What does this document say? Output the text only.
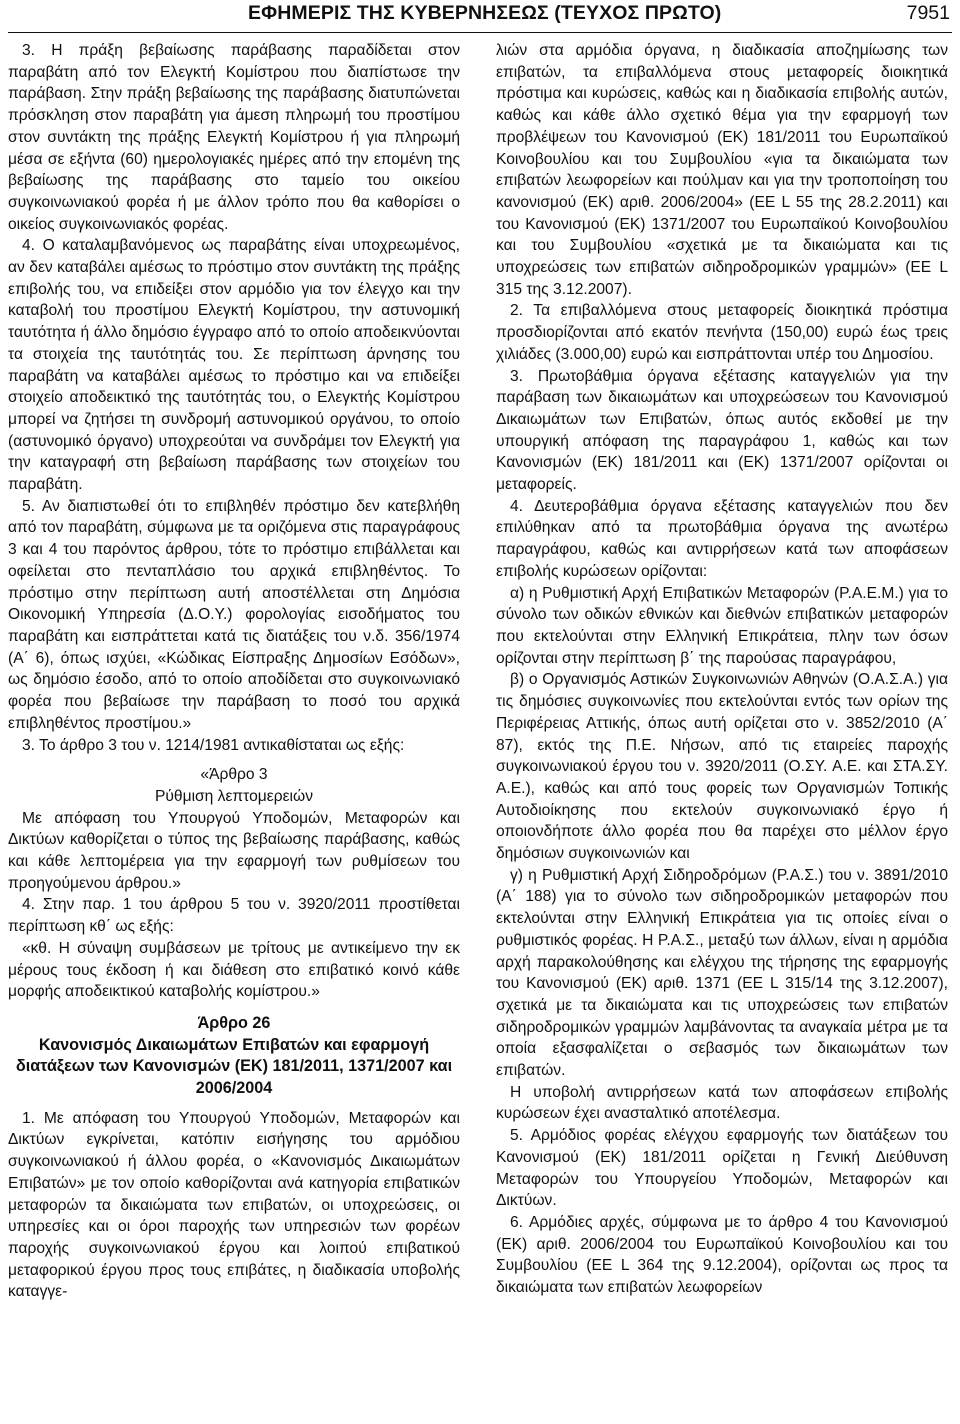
ΕΦΗΜΕΡΙΣ ΤΗΣ ΚΥΒΕΡΝΗΣΕΩΣ (ΤΕΥΧΟΣ ΠΡΩΤΟ)	7951

3. Η πράξη βεβαίωσης παράβασης παραδίδεται στον παραβάτη από τον Ελεγκτή Κομίστρου που διαπίστωσε την παράβαση. Στην πράξη βεβαίωσης της παράβασης διατυπώνεται πρόσκληση στον παραβάτη για άμεση πληρωμή του προστίμου στον συντάκτη της πράξης Ελεγκτή Κομίστρου ή για πληρωμή μέσα σε εξήντα (60) ημερολογιακές ημέρες από την επομένη της βεβαίωσης της παράβασης στο ταμείο του οικείου συγκοινωνιακού φορέα ή με άλλον τρόπο που θα καθορίσει ο οικείος συγκοινωνιακός φορέας.

4. Ο καταλαμβανόμενος ως παραβάτης είναι υποχρεωμένος, αν δεν καταβάλει αμέσως το πρόστιμο στον συντάκτη της πράξης επιβολής του, να επιδείξει στον αρμόδιο για τον έλεγχο και την καταβολή του προστίμου Ελεγκτή Κομίστρου, την αστυνομική ταυτότητα ή άλλο δημόσιο έγγραφο από το οποίο αποδεικνύονται τα στοιχεία της ταυτότητάς του. Σε περίπτωση άρνησης του παραβάτη να καταβάλει αμέσως το πρόστιμο και να επιδείξει στοιχείο αποδεικτικό της ταυτότητάς του, ο Ελεγκτής Κομίστρου μπορεί να ζητήσει τη συνδρομή αστυνομικού οργάνου, το οποίο (αστυνομικό όργανο) υποχρεούται να συνδράμει τον Ελεγκτή για την καταγραφή στη βεβαίωση παράβασης των στοιχείων του παραβάτη.

5. Αν διαπιστωθεί ότι το επιβληθέν πρόστιμο δεν κατεβλήθη από τον παραβάτη, σύμφωνα με τα οριζόμενα στις παραγράφους 3 και 4 του παρόντος άρθρου, τότε το πρόστιμο επιβάλλεται και οφείλεται στο πενταπλάσιο του αρχικά επιβληθέντος. Το πρόστιμο στην περίπτωση αυτή αποστέλλεται στη Δημόσια Οικονομική Υπηρεσία (Δ.Ο.Υ.) φορολογίας εισοδήματος του παραβάτη και εισπράττεται κατά τις διατάξεις του ν.δ. 356/1974 (Α΄ 6), όπως ισχύει, «Κώδικας Είσπραξης Δημοσίων Εσόδων», ως δημόσιο έσοδο, από το οποίο αποδίδεται στο συγκοινωνιακό φορέα που βεβαίωσε την παράβαση το ποσό του αρχικά επιβληθέντος προστίμου.»

3. Το άρθρο 3 του ν. 1214/1981 αντικαθίσταται ως εξής:

«Άρθρο 3

Ρύθμιση λεπτομερειών

Με απόφαση του Υπουργού Υποδομών, Μεταφορών και Δικτύων καθορίζεται ο τύπος της βεβαίωσης παράβασης, καθώς και κάθε λεπτομέρεια για την εφαρμογή των ρυθμίσεων του προηγούμενου άρθρου.»

4. Στην παρ. 1 του άρθρου 5 του ν. 3920/2011 προστίθεται περίπτωση κθ΄ ως εξής:

«κθ. Η σύναψη συμβάσεων με τρίτους με αντικείμενο την εκ μέρους τους έκδοση ή και διάθεση στο επιβατικό κοινό κάθε μορφής αποδεικτικού καταβολής κομίστρου.»

Άρθρο 26

Κανονισμός Δικαιωμάτων Επιβατών και εφαρμογή διατάξεων των Κανονισμών (ΕΚ) 181/2011, 1371/2007 και 2006/2004

1. Με απόφαση του Υπουργού Υποδομών, Μεταφορών και Δικτύων εγκρίνεται, κατόπιν εισήγησης του αρμόδιου συγκοινωνιακού ή άλλου φορέα, ο «Κανονισμός Δικαιωμάτων Επιβατών» με τον οποίο καθορίζονται ανά κατηγορία επιβατικών μεταφορών τα δικαιώματα των επιβατών, οι υποχρεώσεις, οι υπηρεσίες και οι όροι παροχής των υπηρεσιών των φορέων παροχής συγκοινωνιακού έργου και λοιπού επιβατικού μεταφορικού έργου προς τους επιβάτες, η διαδικασία υποβολής καταγγε-

λιών στα αρμόδια όργανα, η διαδικασία αποζημίωσης των επιβατών, τα επιβαλλόμενα στους μεταφορείς διοικητικά πρόστιμα και κυρώσεις, καθώς και η διαδικασία επιβολής αυτών, καθώς και κάθε άλλο σχετικό θέμα για την εφαρμογή των προβλέψεων του Κανονισμού (ΕΚ) 181/2011 του Ευρωπαϊκού Κοινοβουλίου και του Συμβουλίου «για τα δικαιώματα των επιβατών λεωφορείων και πούλμαν και για την τροποποίηση του κανονισμού (ΕΚ) αριθ. 2006/2004» (EE L 55 της 28.2.2011) και του Κανονισμού (ΕΚ) 1371/2007 του Ευρωπαϊκού Κοινοβουλίου και του Συμβουλίου «σχετικά με τα δικαιώματα και τις υποχρεώσεις των επιβατών σιδηροδρομικών γραμμών» (EE L 315 της 3.12.2007).

2. Τα επιβαλλόμενα στους μεταφορείς διοικητικά πρόστιμα προσδιορίζονται από εκατόν πενήντα (150,00) ευρώ έως τρεις χιλιάδες (3.000,00) ευρώ και εισπράττονται υπέρ του Δημοσίου.

3. Πρωτοβάθμια όργανα εξέτασης καταγγελιών για την παράβαση των δικαιωμάτων και υποχρεώσεων του Κανονισμού Δικαιωμάτων των Επιβατών, όπως αυτός εκδοθεί με την υπουργική απόφαση της παραγράφου 1, καθώς και των Κανονισμών (ΕΚ) 181/2011 και (ΕΚ) 1371/2007 ορίζονται οι μεταφορείς.

4. Δευτεροβάθμια όργανα εξέτασης καταγγελιών που δεν επιλύθηκαν από τα πρωτοβάθμια όργανα της ανωτέρω παραγράφου, καθώς και αντιρρήσεων κατά των αποφάσεων επιβολής κυρώσεων ορίζονται:

α) η Ρυθμιστική Αρχή Επιβατικών Μεταφορών (Ρ.Α.Ε.Μ.) για το σύνολο των οδικών εθνικών και διεθνών επιβατικών μεταφορών που εκτελούνται στην Ελληνική Επικράτεια, πλην των όσων ορίζονται στην περίπτωση β΄ της παρούσας παραγράφου,

β) ο Οργανισμός Αστικών Συγκοινωνιών Αθηνών (Ο.Α.Σ.Α.) για τις δημόσιες συγκοινωνίες που εκτελούνται εντός των ορίων της Περιφέρειας Αττικής, όπως αυτή ορίζεται στο ν. 3852/2010 (Α΄ 87), εκτός της Π.Ε. Νήσων, από τις εταιρείες παροχής συγκοινωνιακού έργου του ν. 3920/2011 (Ο.ΣΥ. Α.Ε. και ΣΤΑ.ΣΥ. Α.Ε.), καθώς και από τους φορείς των Οργανισμών Τοπικής Αυτοδιοίκησης που εκτελούν συγκοινωνιακό έργο ή οποιονδήποτε άλλο φορέα που θα παρέχει στο μέλλον έργο δημόσιων συγκοινωνιών και

γ) η Ρυθμιστική Αρχή Σιδηροδρόμων (Ρ.Α.Σ.) του ν. 3891/2010 (Α΄ 188) για το σύνολο των σιδηροδρομικών μεταφορών που εκτελούνται στην Ελληνική Επικράτεια για τις οποίες είναι ο ρυθμιστικός φορέας. Η Ρ.Α.Σ., μεταξύ των άλλων, είναι η αρμόδια αρχή παρακολούθησης και ελέγχου της τήρησης της εφαρμογής του Κανονισμού (ΕΚ) αριθ. 1371 (ΕΕ L 315/14 της 3.12.2007), σχετικά με τα δικαιώματα και τις υποχρεώσεις των επιβατών σιδηροδρομικών γραμμών λαμβάνοντας τα αναγκαία μέτρα με τα οποία εξασφαλίζεται ο σεβασμός των δικαιωμάτων των επιβατών.

Η υποβολή αντιρρήσεων κατά των αποφάσεων επιβολής κυρώσεων έχει ανασταλτικό αποτέλεσμα.

5. Αρμόδιος φορέας ελέγχου εφαρμογής των διατάξεων του Κανονισμού (ΕΚ) 181/2011 ορίζεται η Γενική Διεύθυνση Μεταφορών του Υπουργείου Υποδομών, Μεταφορών και Δικτύων.

6. Αρμόδιες αρχές, σύμφωνα με το άρθρο 4 του Κανονισμού (ΕΚ) αριθ. 2006/2004 του Ευρωπαϊκού Κοινοβουλίου και του Συμβουλίου (ΕΕ L 364 της 9.12.2004), ορίζονται ως προς τα δικαιώματα των επιβατών λεωφορείων
